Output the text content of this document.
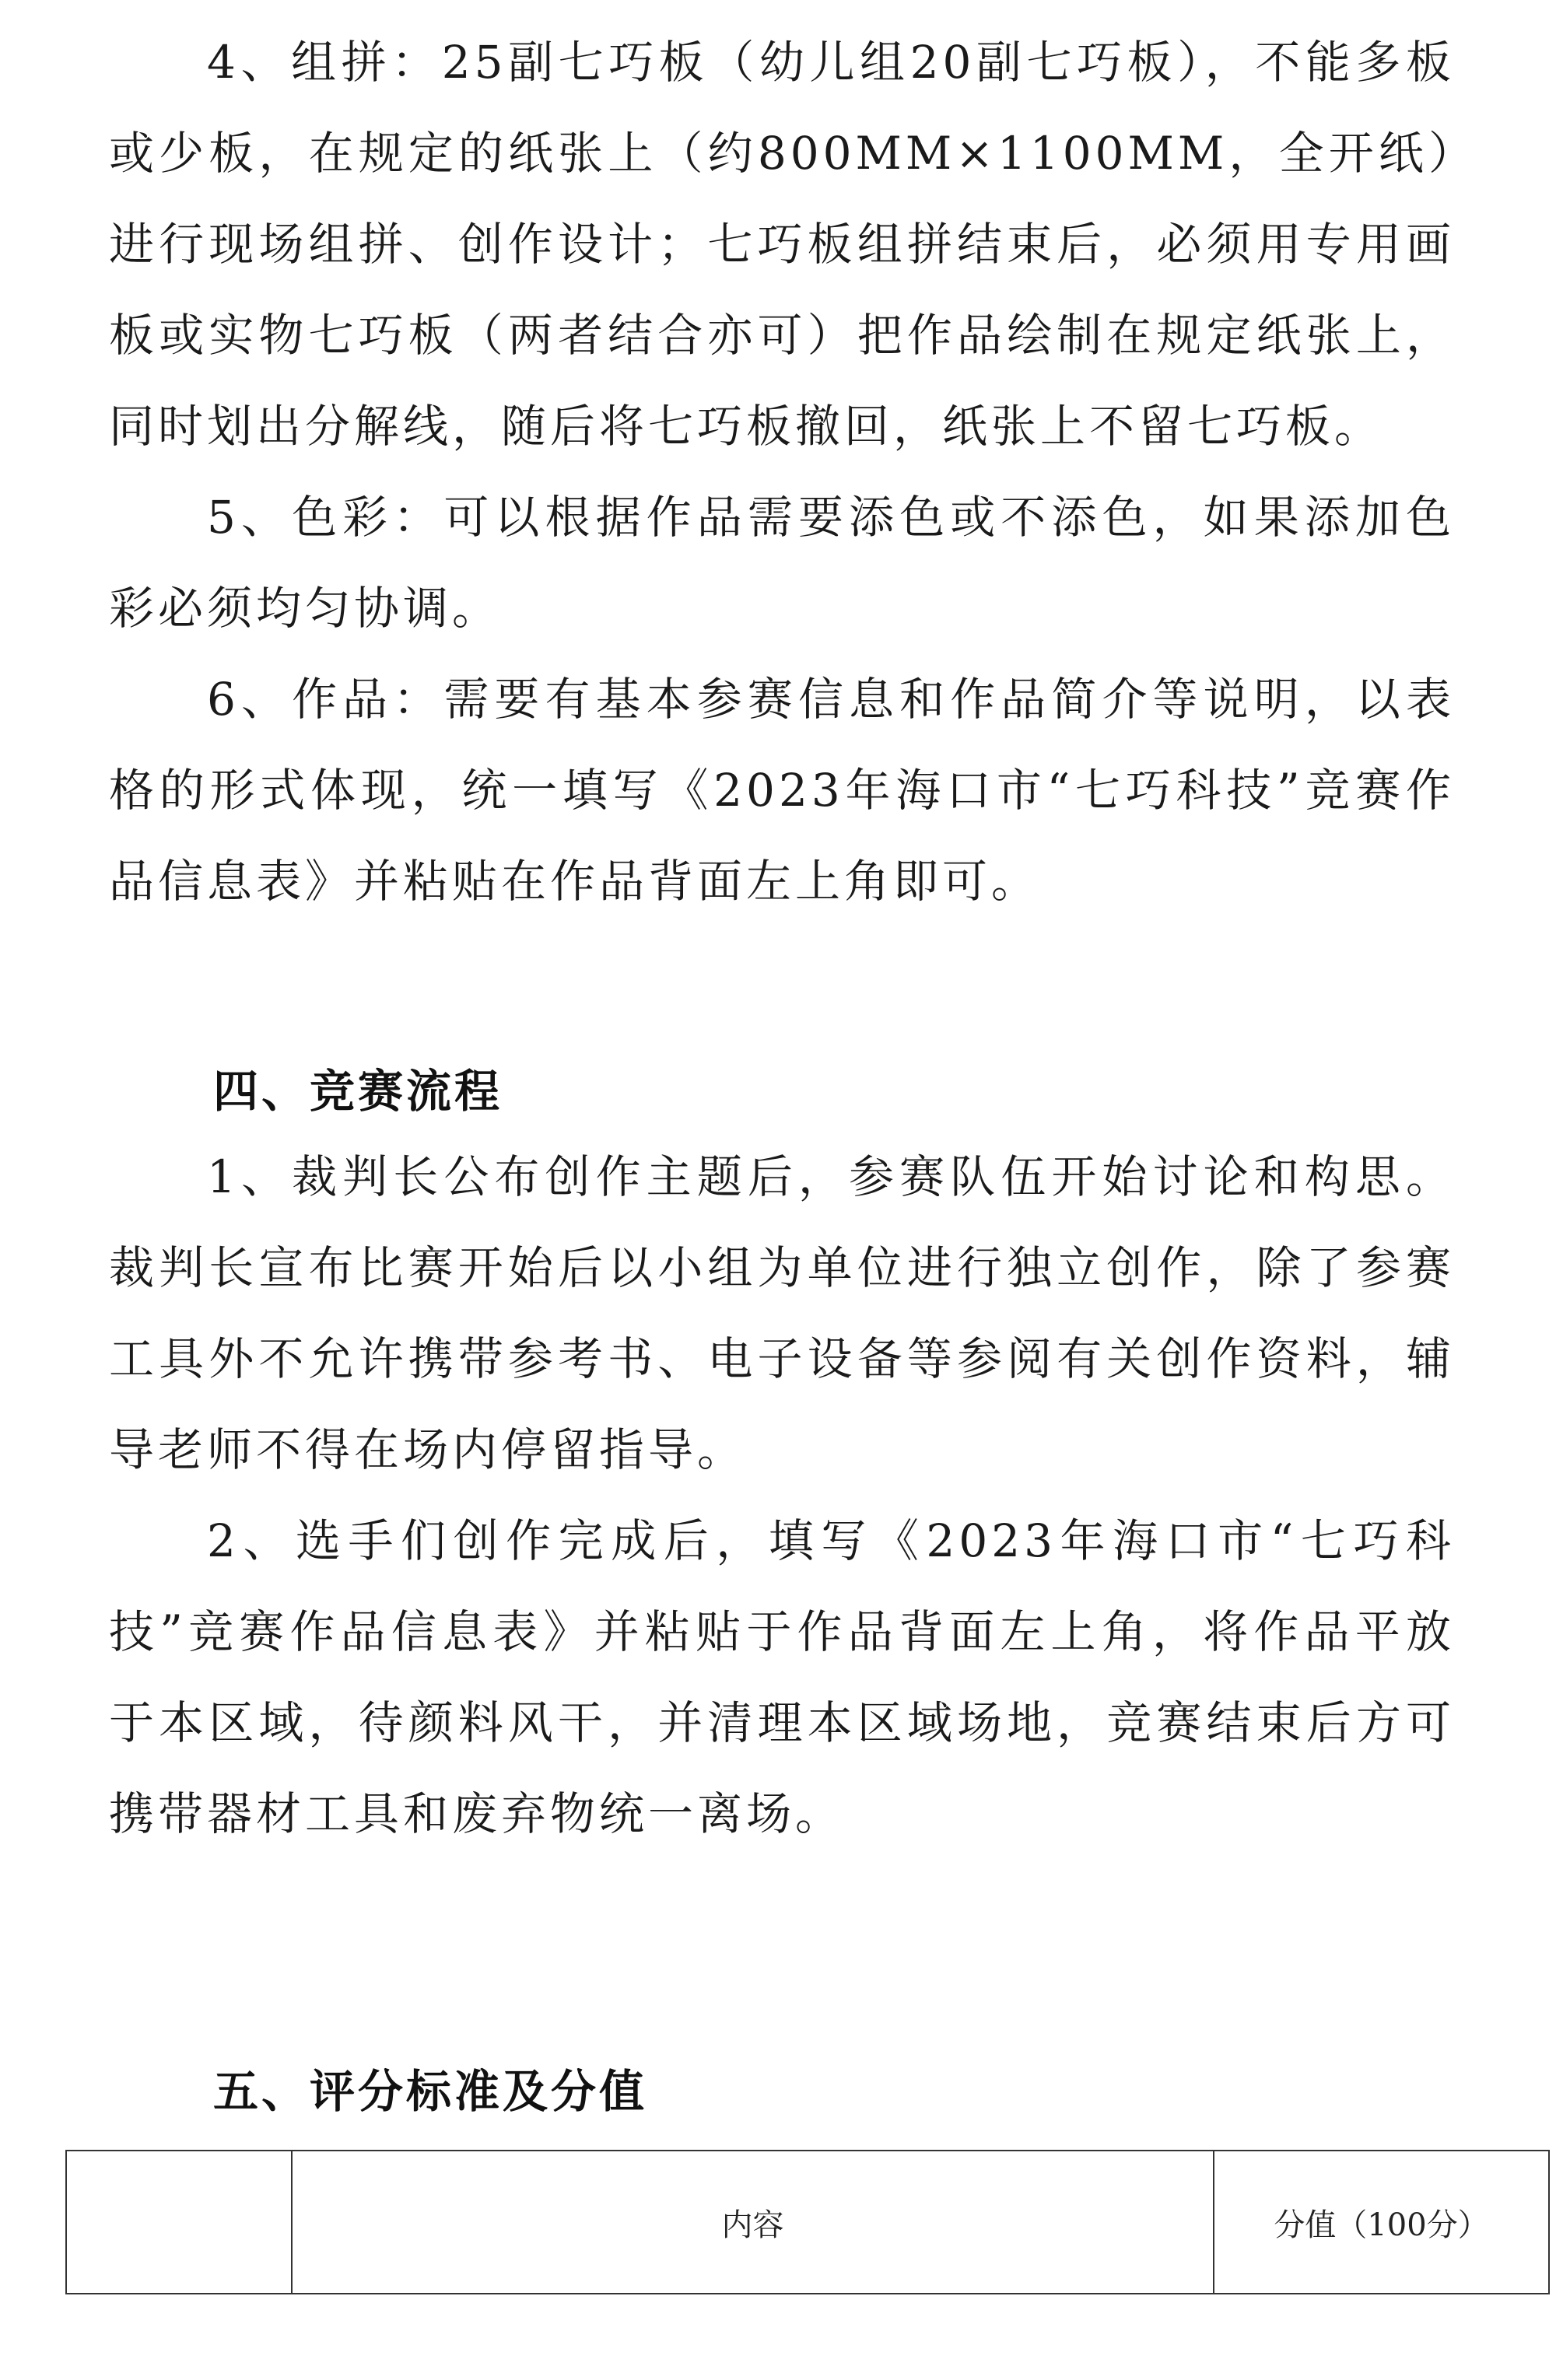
4、组拼：25副七巧板（幼儿组20副七巧板），不能多板或少板，在规定的纸张上（约800MM×1100MM，全开纸）进行现场组拼、创作设计；七巧板组拼结束后，必须用专用画板或实物七巧板（两者结合亦可）把作品绘制在规定纸张上，同时划出分解线，随后将七巧板撤回，纸张上不留七巧板。

5、色彩：可以根据作品需要添色或不添色，如果添加色彩必须均匀协调。

6、作品：需要有基本参赛信息和作品简介等说明，以表格的形式体现，统一填写《2023年海口市“七巧科技”竞赛作品信息表》并粘贴在作品背面左上角即可。

四、竞赛流程

1、裁判长公布创作主题后，参赛队伍开始讨论和构思。裁判长宣布比赛开始后以小组为单位进行独立创作，除了参赛工具外不允许携带参考书、电子设备等参阅有关创作资料，辅导老师不得在场内停留指导。

2、选手们创作完成后，填写《2023年海口市“七巧科技”竞赛作品信息表》并粘贴于作品背面左上角，将作品平放于本区域，待颜料风干，并清理本区域场地，竞赛结束后方可携带器材工具和废弃物统一离场。

五、评分标准及分值
	内容	分值（100分）
